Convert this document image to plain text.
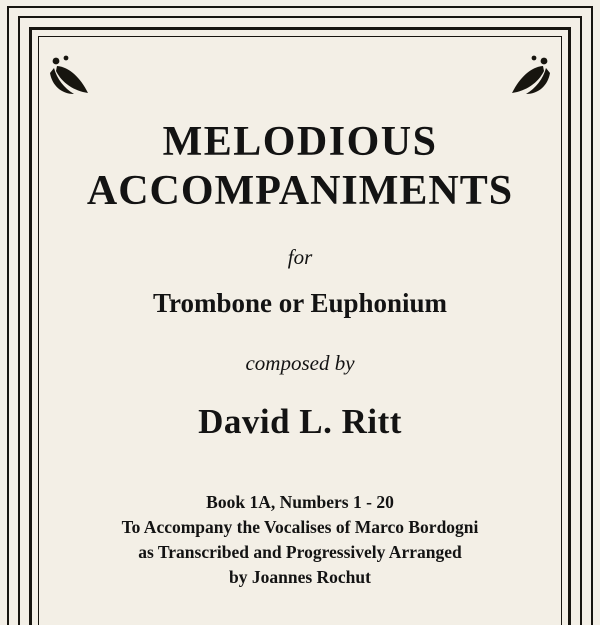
MELODIOUS
ACCOMPANIMENTS
for
Trombone or Euphonium
composed by
David L. Ritt
Book 1A, Numbers 1 - 20
To Accompany the Vocalises of Marco Bordogni
as Transcribed and Progressively Arranged
by Joannes Rochut
